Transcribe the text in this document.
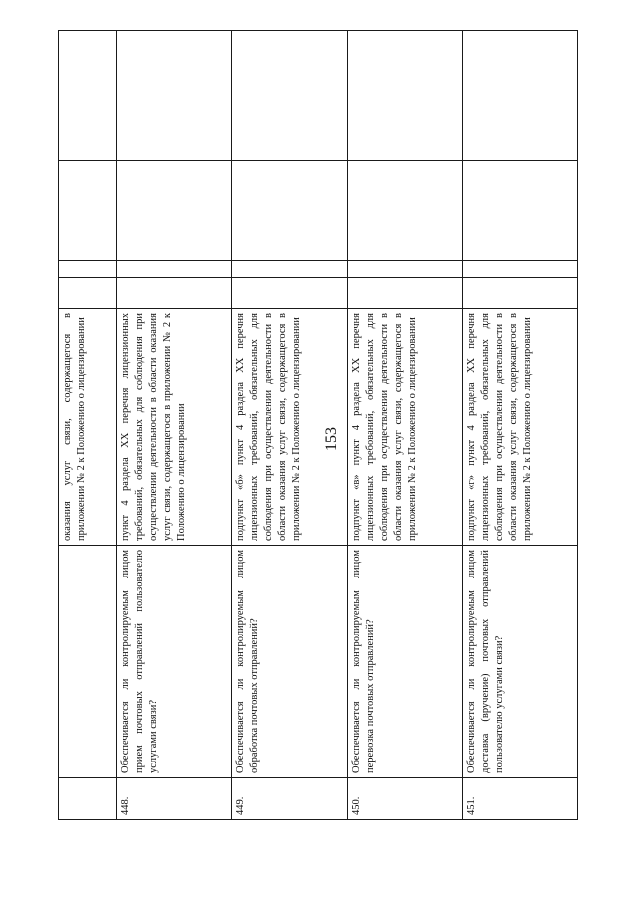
153
		оказания услуг связи, содержащегося в приложении № 2 к Положению о лицензировании				
448.	Обеспечивается ли контролируемым лицом прием почтовых отправлений пользователю услугами связи?	пункт 4 раздела XX перечня лицензионных требований, обязательных для соблюдения при осуществлении деятельности в области оказания услуг связи, содержащегося в приложении № 2 к Положению о лицензировании				
449.	Обеспечивается ли контролируемым лицом обработка почтовых отправлений?	подпункт «б» пункт 4 раздела XX перечня лицензионных требований, обязательных для соблюдения при осуществлении деятельности в области оказания услуг связи, содержащегося в приложении № 2 к Положению о лицензировании				
450.	Обеспечивается ли контролируемым лицом перевозка почтовых отправлений?	подпункт «в» пункт 4 раздела XX перечня лицензионных требований, обязательных для соблюдения при осуществлении деятельности в области оказания услуг связи, содержащегося в приложении № 2 к Положению о лицензировании				
451.	Обеспечивается ли контролируемым лицом доставка (вручение) почтовых отправлений пользователю услугами связи?	подпункт «г» пункт 4 раздела XX перечня лицензионных требований, обязательных для соблюдения при осуществлении деятельности в области оказания услуг связи, содержащегося в приложении № 2 к Положению о лицензировании				
